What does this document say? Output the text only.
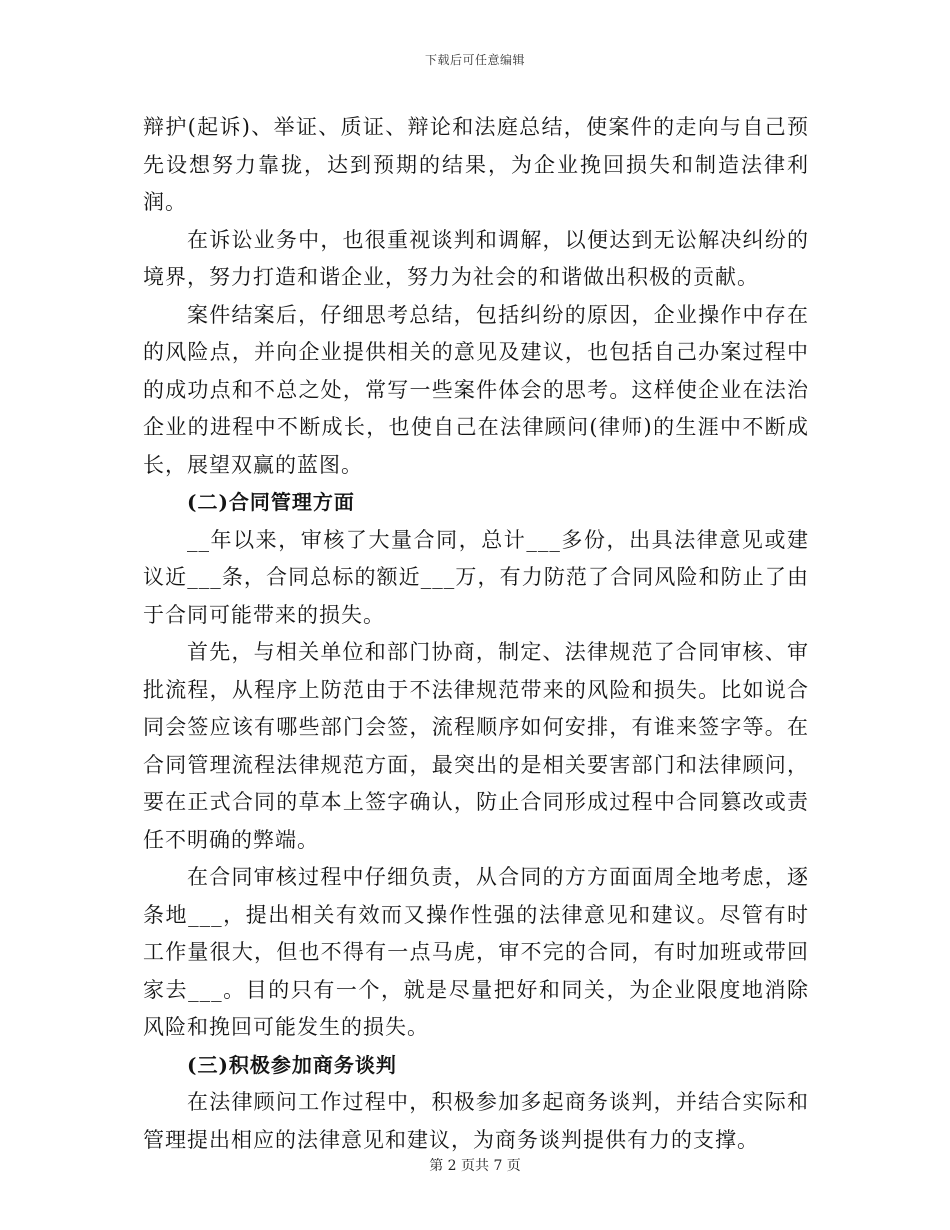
下载后可任意编辑

辩护(起诉)、举证、质证、辩论和法庭总结，使案件的走向与自己预先设想努力靠拢，达到预期的结果，为企业挽回损失和制造法律利润。

在诉讼业务中，也很重视谈判和调解，以便达到无讼解决纠纷的境界，努力打造和谐企业，努力为社会的和谐做出积极的贡献。

案件结案后，仔细思考总结，包括纠纷的原因，企业操作中存在的风险点，并向企业提供相关的意见及建议，也包括自己办案过程中的成功点和不总之处，常写一些案件体会的思考。这样使企业在法治企业的进程中不断成长，也使自己在法律顾问(律师)的生涯中不断成长，展望双赢的蓝图。

(二)合同管理方面

__年以来，审核了大量合同，总计___多份，出具法律意见或建议近___条，合同总标的额近___万，有力防范了合同风险和防止了由于合同可能带来的损失。

首先，与相关单位和部门协商，制定、法律规范了合同审核、审批流程，从程序上防范由于不法律规范带来的风险和损失。比如说合同会签应该有哪些部门会签，流程顺序如何安排，有谁来签字等。在合同管理流程法律规范方面，最突出的是相关要害部门和法律顾问，要在正式合同的草本上签字确认，防止合同形成过程中合同篡改或责任不明确的弊端。

在合同审核过程中仔细负责，从合同的方方面面周全地考虑，逐条地___，提出相关有效而又操作性强的法律意见和建议。尽管有时工作量很大，但也不得有一点马虎，审不完的合同，有时加班或带回家去___。目的只有一个，就是尽量把好和同关，为企业限度地消除风险和挽回可能发生的损失。

(三)积极参加商务谈判

在法律顾问工作过程中，积极参加多起商务谈判，并结合实际和管理提出相应的法律意见和建议，为商务谈判提供有力的支撑。

第 2 页共 7 页
